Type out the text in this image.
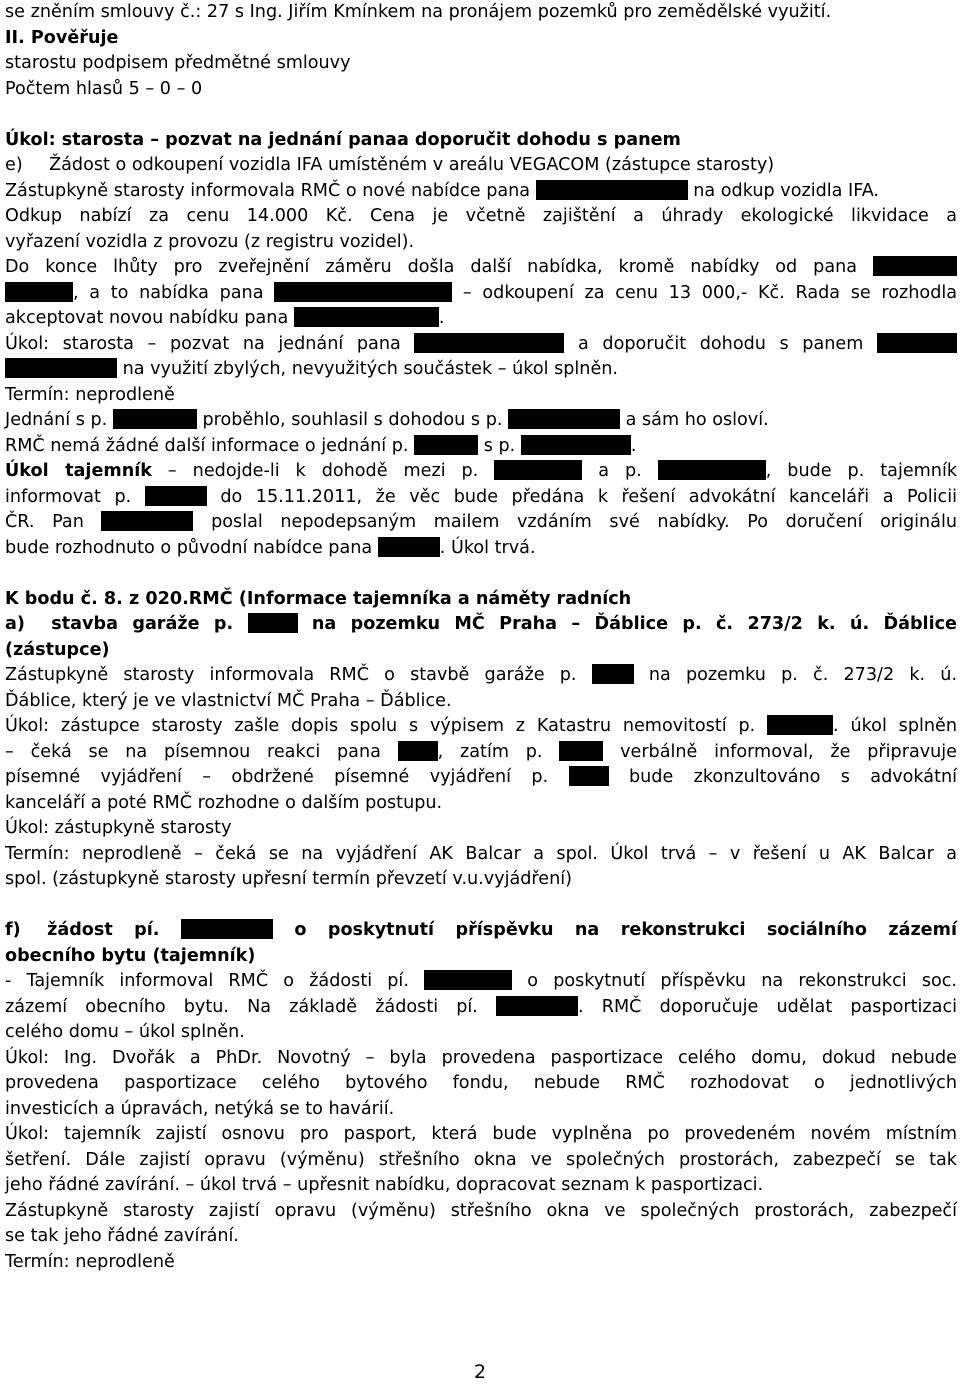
se zněním smlouvy č.: 27 s Ing. Jiřím Kmínkem na pronájem pozemků pro zemědělské využití.

II. Pověřuje

starostu podpisem předmětné smlouvy

Počtem hlasů 5 – 0 – 0

Úkol: starosta – pozvat na jednání panaa doporučit dohodu s panem

e)  Žádost o odkoupení vozidla IFA umístěném v areálu VEGACOM (zástupce starosty)

Zástupkyně starosty informovala RMČ o nové nabídce pana	na odkup vozidla IFA.

Odkup nabízí za cenu 14.000 Kč. Cena je včetně zajištění a úhrady ekologické likvidace a

vyřazení vozidla z provozu (z registru vozidel).

Do konce lhůty pro zveřejnění záměru došla další nabídka, kromě nabídky od pana

, a to nabídka pana	– odkoupení za cenu 13 000,- Kč. Rada se rozhodla

akceptovat novou nabídku pana	.

Úkol: starosta – pozvat na jednání pana	a doporučit dohodu s panem

na využití zbylých, nevyužitých součástek – úkol splněn.

Termín: neprodleně

Jednání s p.	proběhlo, souhlasil s dohodou s p.	a sám ho osloví.

RMČ nemá žádné další informace o jednání p.	s p.	.

Úkol tajemník – nedojde-li k dohodě mezi p.	a p.	, bude p. tajemník

informovat p.	do 15.11.2011, že věc bude předána k řešení advokátní kanceláři a Policii

ČR. Pan	poslal nepodepsaným mailem vzdáním své nabídky. Po doručení originálu

bude rozhodnuto o původní nabídce pana	. Úkol trvá.

K bodu č. 8. z 020.RMČ (Informace tajemníka a náměty radních

a)  stavba garáže p.	na pozemku MČ Praha – Ďáblice p. č. 273/2 k. ú. Ďáblice

(zástupce)

Zástupkyně starosty informovala RMČ o stavbě garáže p.	na pozemku p. č. 273/2 k. ú.

Ďáblice, který je ve vlastnictví MČ Praha – Ďáblice.

Úkol: zástupce starosty zašle dopis spolu s výpisem z Katastru nemovitostí p.	. úkol splněn

– čeká se na písemnou reakci pana	, zatím p.	verbálně informoval, že připravuje

písemné vyjádření – obdržené písemné vyjádření p.	bude zkonzultováno s advokátní

kanceláří a poté RMČ rozhodne o dalším postupu.

Úkol: zástupkyně starosty

Termín: neprodleně – čeká se na vyjádření AK Balcar a spol. Úkol trvá – v řešení u AK Balcar a

spol. (zástupkyně starosty upřesní termín převzetí v.u.vyjádření)

f)  žádost pí.	o poskytnutí příspěvku na rekonstrukci sociálního zázemí

obecního bytu (tajemník)

- Tajemník informoval RMČ o žádosti pí.	o poskytnutí příspěvku na rekonstrukci soc.

zázemí obecního bytu. Na základě žádosti pí.	. RMČ doporučuje udělat pasportizaci

celého domu – úkol splněn.

Úkol: Ing. Dvořák a PhDr. Novotný – byla provedena pasportizace celého domu, dokud nebude

provedena pasportizace celého bytového fondu, nebude RMČ rozhodovat o jednotlivých

investicích a úpravách, netýká se to havárií.

Úkol: tajemník zajistí osnovu pro pasport, která bude vyplněna po provedeném novém místním

šetření. Dále zajistí opravu (výměnu) střešního okna ve společných prostorách, zabezpečí se tak

jeho řádné zavírání. – úkol trvá – upřesnit nabídku, dopracovat seznam k pasportizaci.

Zástupkyně starosty zajistí opravu (výměnu) střešního okna ve společných prostorách, zabezpečí

se tak jeho řádné zavírání.

Termín: neprodleně

2
